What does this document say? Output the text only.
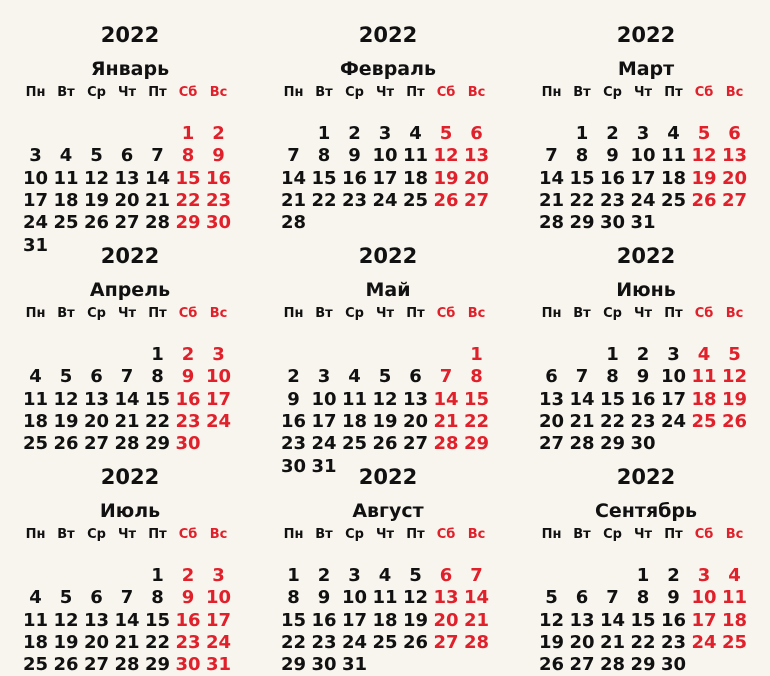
2022
Январь
Пн Вт Ср Чт Пт Сб Вс
1 2
3 4 5 6 7 8 9
10 11 12 13 14 15 16
17 18 19 20 21 22 23
24 25 26 27 28 29 30
31
2022
Февраль
Пн Вт Ср Чт Пт Сб Вс
1 2 3 4 5 6
7 8 9 10 11 12 13
14 15 16 17 18 19 20
21 22 23 24 25 26 27
28
2022
Март
Пн Вт Ср Чт Пт Сб Вс
1 2 3 4 5 6
7 8 9 10 11 12 13
14 15 16 17 18 19 20
21 22 23 24 25 26 27
28 29 30 31
2022
Апрель
Пн Вт Ср Чт Пт Сб Вс
1 2 3
4 5 6 7 8 9 10
11 12 13 14 15 16 17
18 19 20 21 22 23 24
25 26 27 28 29 30
2022
Май
Пн Вт Ср Чт Пт Сб Вс
1
2 3 4 5 6 7 8
9 10 11 12 13 14 15
16 17 18 19 20 21 22
23 24 25 26 27 28 29
30 31
2022
Июнь
Пн Вт Ср Чт Пт Сб Вс
1 2 3 4 5
6 7 8 9 10 11 12
13 14 15 16 17 18 19
20 21 22 23 24 25 26
27 28 29 30
2022
Июль
Пн Вт Ср Чт Пт Сб Вс
1 2 3
4 5 6 7 8 9 10
11 12 13 14 15 16 17
18 19 20 21 22 23 24
25 26 27 28 29 30 31
2022
Август
Пн Вт Ср Чт Пт Сб Вс
1 2 3 4 5 6 7
8 9 10 11 12 13 14
15 16 17 18 19 20 21
22 23 24 25 26 27 28
29 30 31
2022
Сентябрь
Пн Вт Ср Чт Пт Сб Вс
1 2 3 4
5 6 7 8 9 10 11
12 13 14 15 16 17 18
19 20 21 22 23 24 25
26 27 28 29 30
